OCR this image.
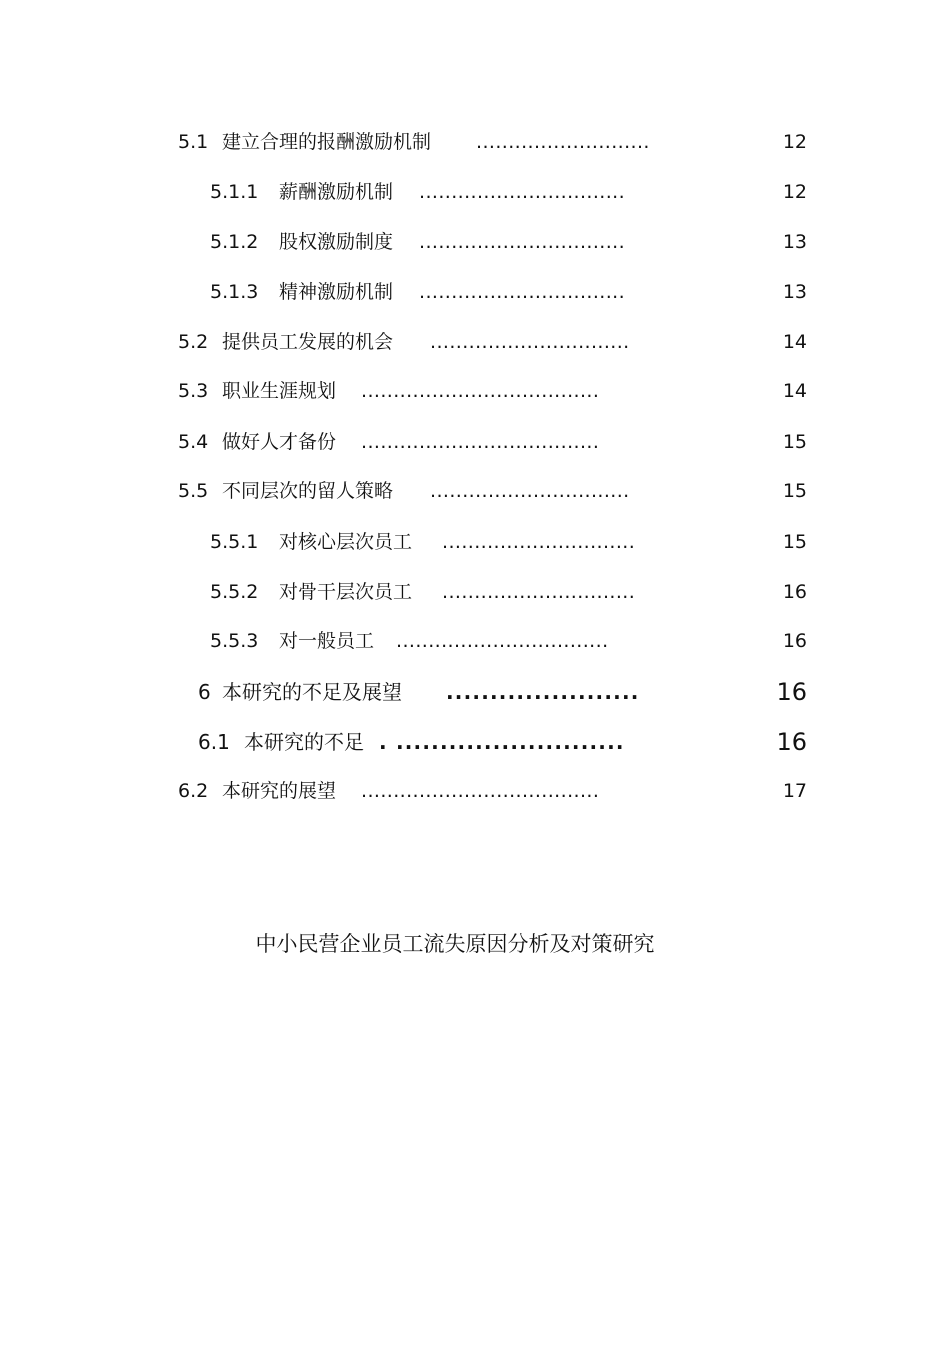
5.1 建立合理的报酬激励机制 ...........................	12
5.1.1 薪酬激励机制 ................................	12
5.1.2 股权激励制度 ................................	13
5.1.3 精神激励机制 ................................	13
5.2 提供员工发展的机会 ...............................	14
5.3 职业生涯规划 .....................................	14
5.4 做好人才备份 .....................................	15
5.5 不同层次的留人策略 ...............................	15
5.5.1 对核心层次员工 ..............................	15
5.5.2 对骨干层次员工 ..............................	16
5.5.3 对一般员工 .................................	16
6 本研究的不足及展望 ......................	16
6.1 本研究的不足 . ..........................	16
6.2 本研究的展望 .....................................	17
中小民营企业员工流失原因分析及对策研究
